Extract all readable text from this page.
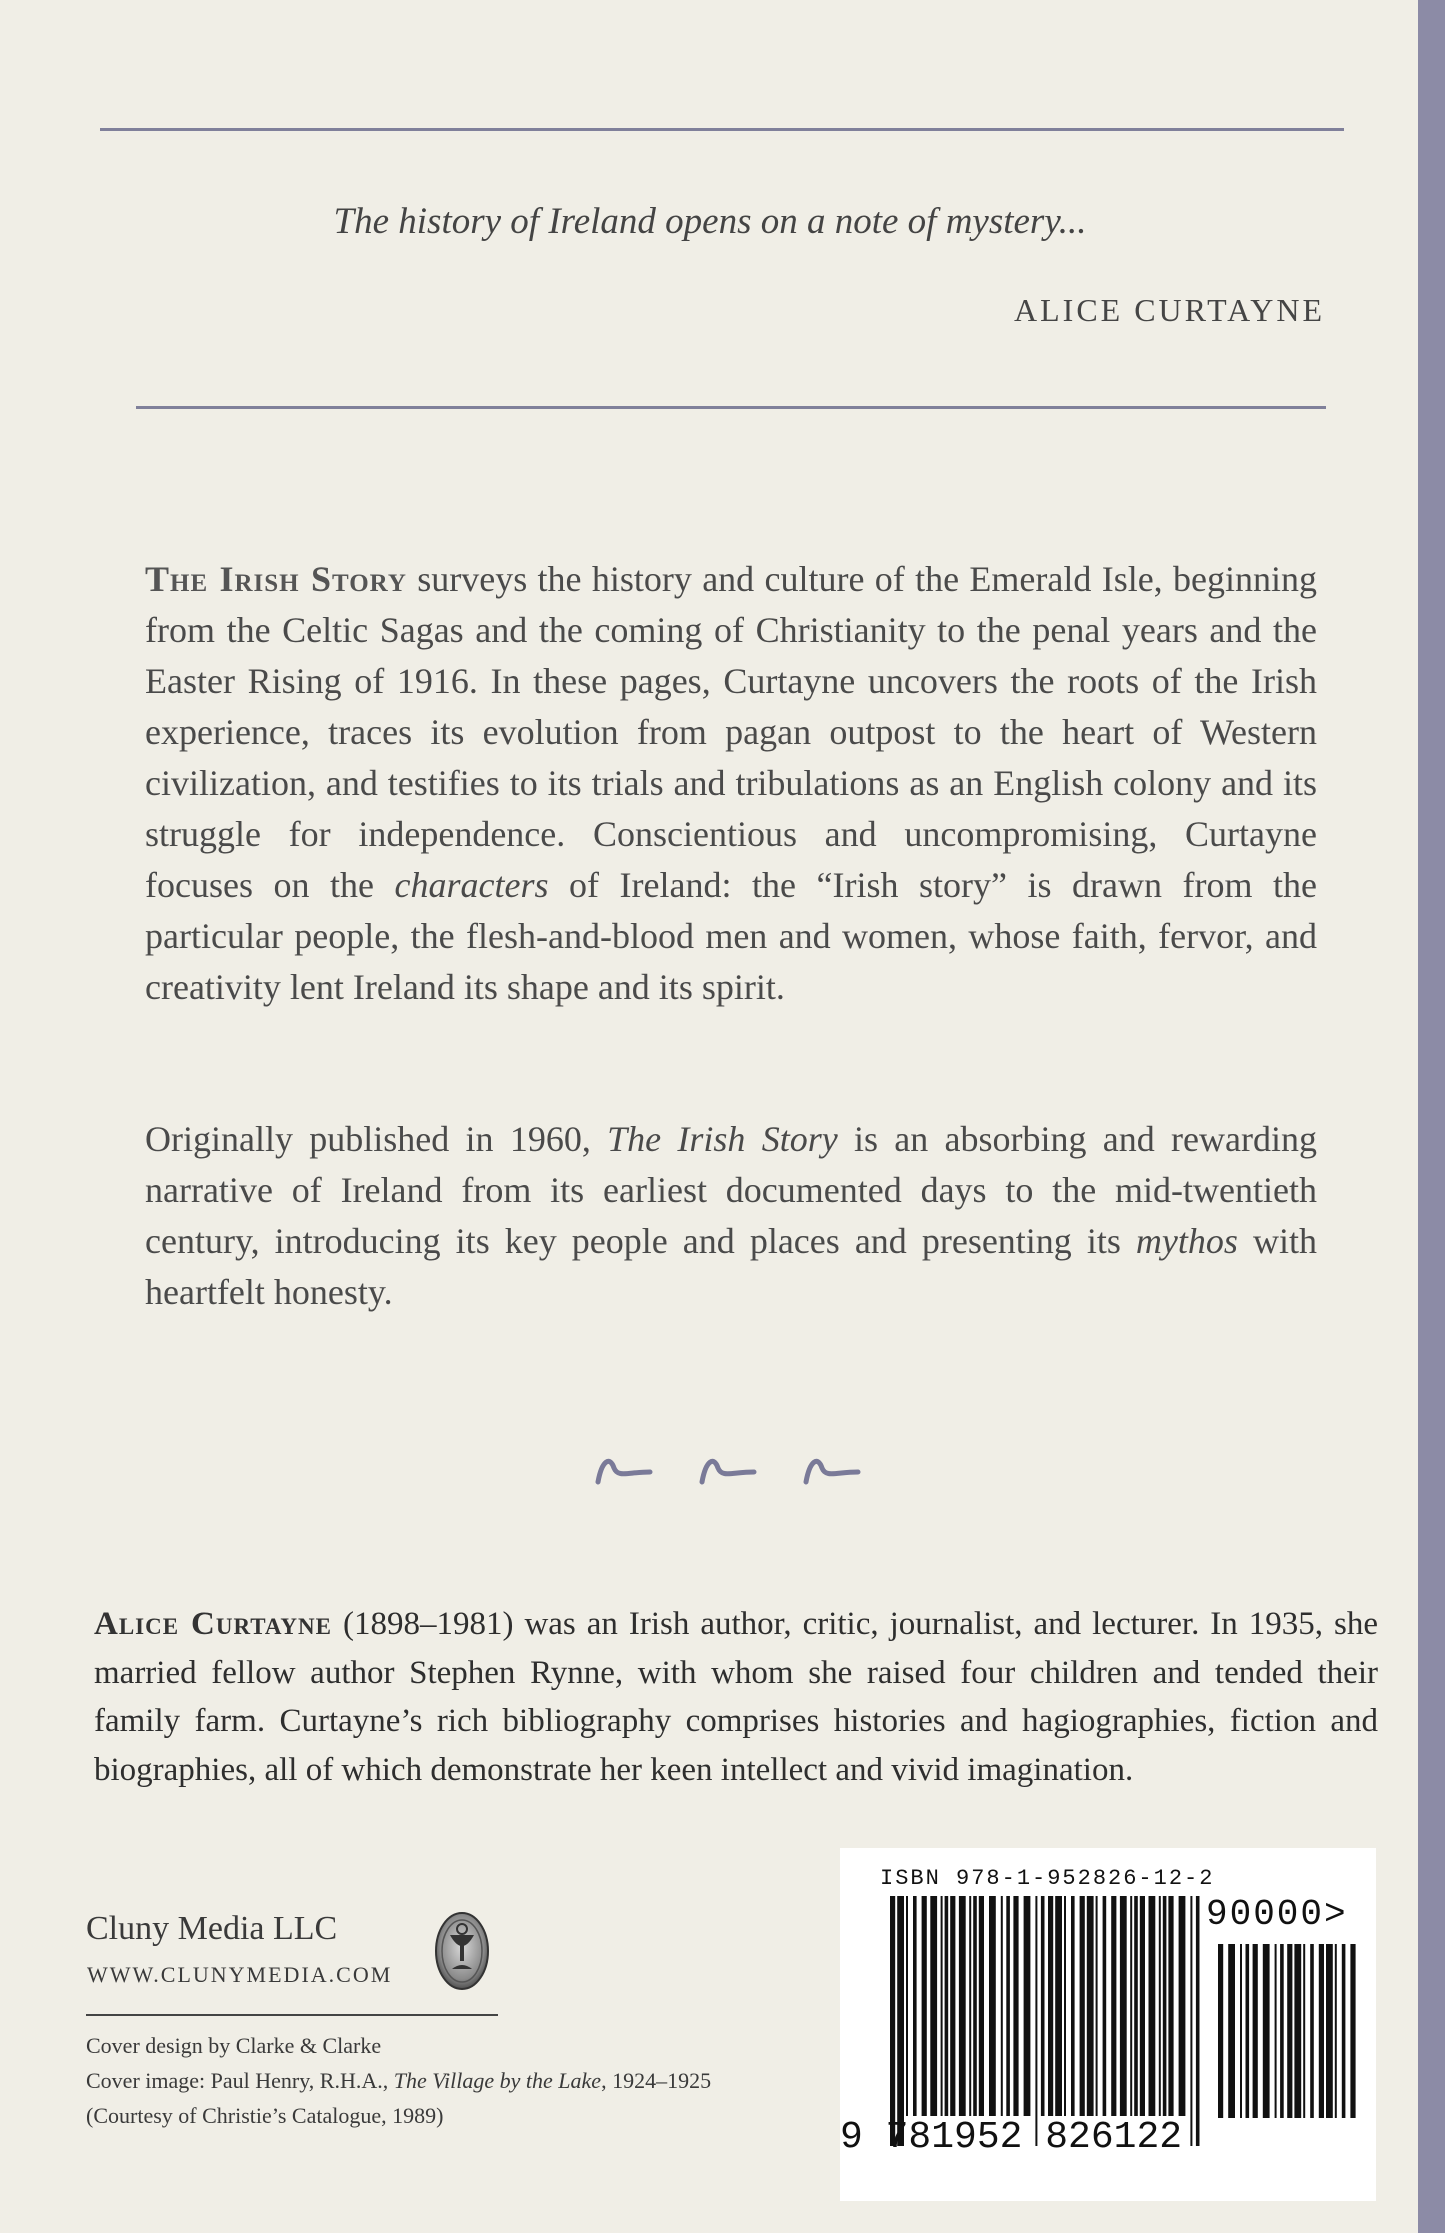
The history of Ireland opens on a note of mystery...
ALICE CURTAYNE

The Irish Story surveys the history and culture of the Emerald Isle, beginning from the Celtic Sagas and the coming of Christianity to the penal years and the Easter Rising of 1916. In these pages, Curtayne uncovers the roots of the Irish experience, traces its evolution from pagan outpost to the heart of Western civilization, and testifies to its trials and tribulations as an English colony and its struggle for independence. Conscientious and uncompromising, Curtayne focuses on the characters of Ireland: the “Irish story” is drawn from the particular people, the flesh-and-blood men and women, whose faith, fervor, and creativity lent Ireland its shape and its spirit.

Originally published in 1960, The Irish Story is an absorbing and rewarding narrative of Ireland from its earliest documented days to the mid-twentieth century, introducing its key people and places and presenting its mythos with heartfelt honesty.

Alice Curtayne (1898–1981) was an Irish author, critic, journalist, and lecturer. In 1935, she married fellow author Stephen Rynne, with whom she raised four children and tended their family farm. Curtayne’s rich bibliography comprises histories and hagiographies, fiction and biographies, all of which demonstrate her keen intellect and vivid imagination.

Cluny Media LLC
WWW.CLUNYMEDIA.COM
Cover design by Clarke & Clarke
Cover image: Paul Henry, R.H.A., The Village by the Lake, 1924–1925
(Courtesy of Christie’s Catalogue, 1989)
ISBN 978-1-952826-12-2
90000>
9 781952 826122
